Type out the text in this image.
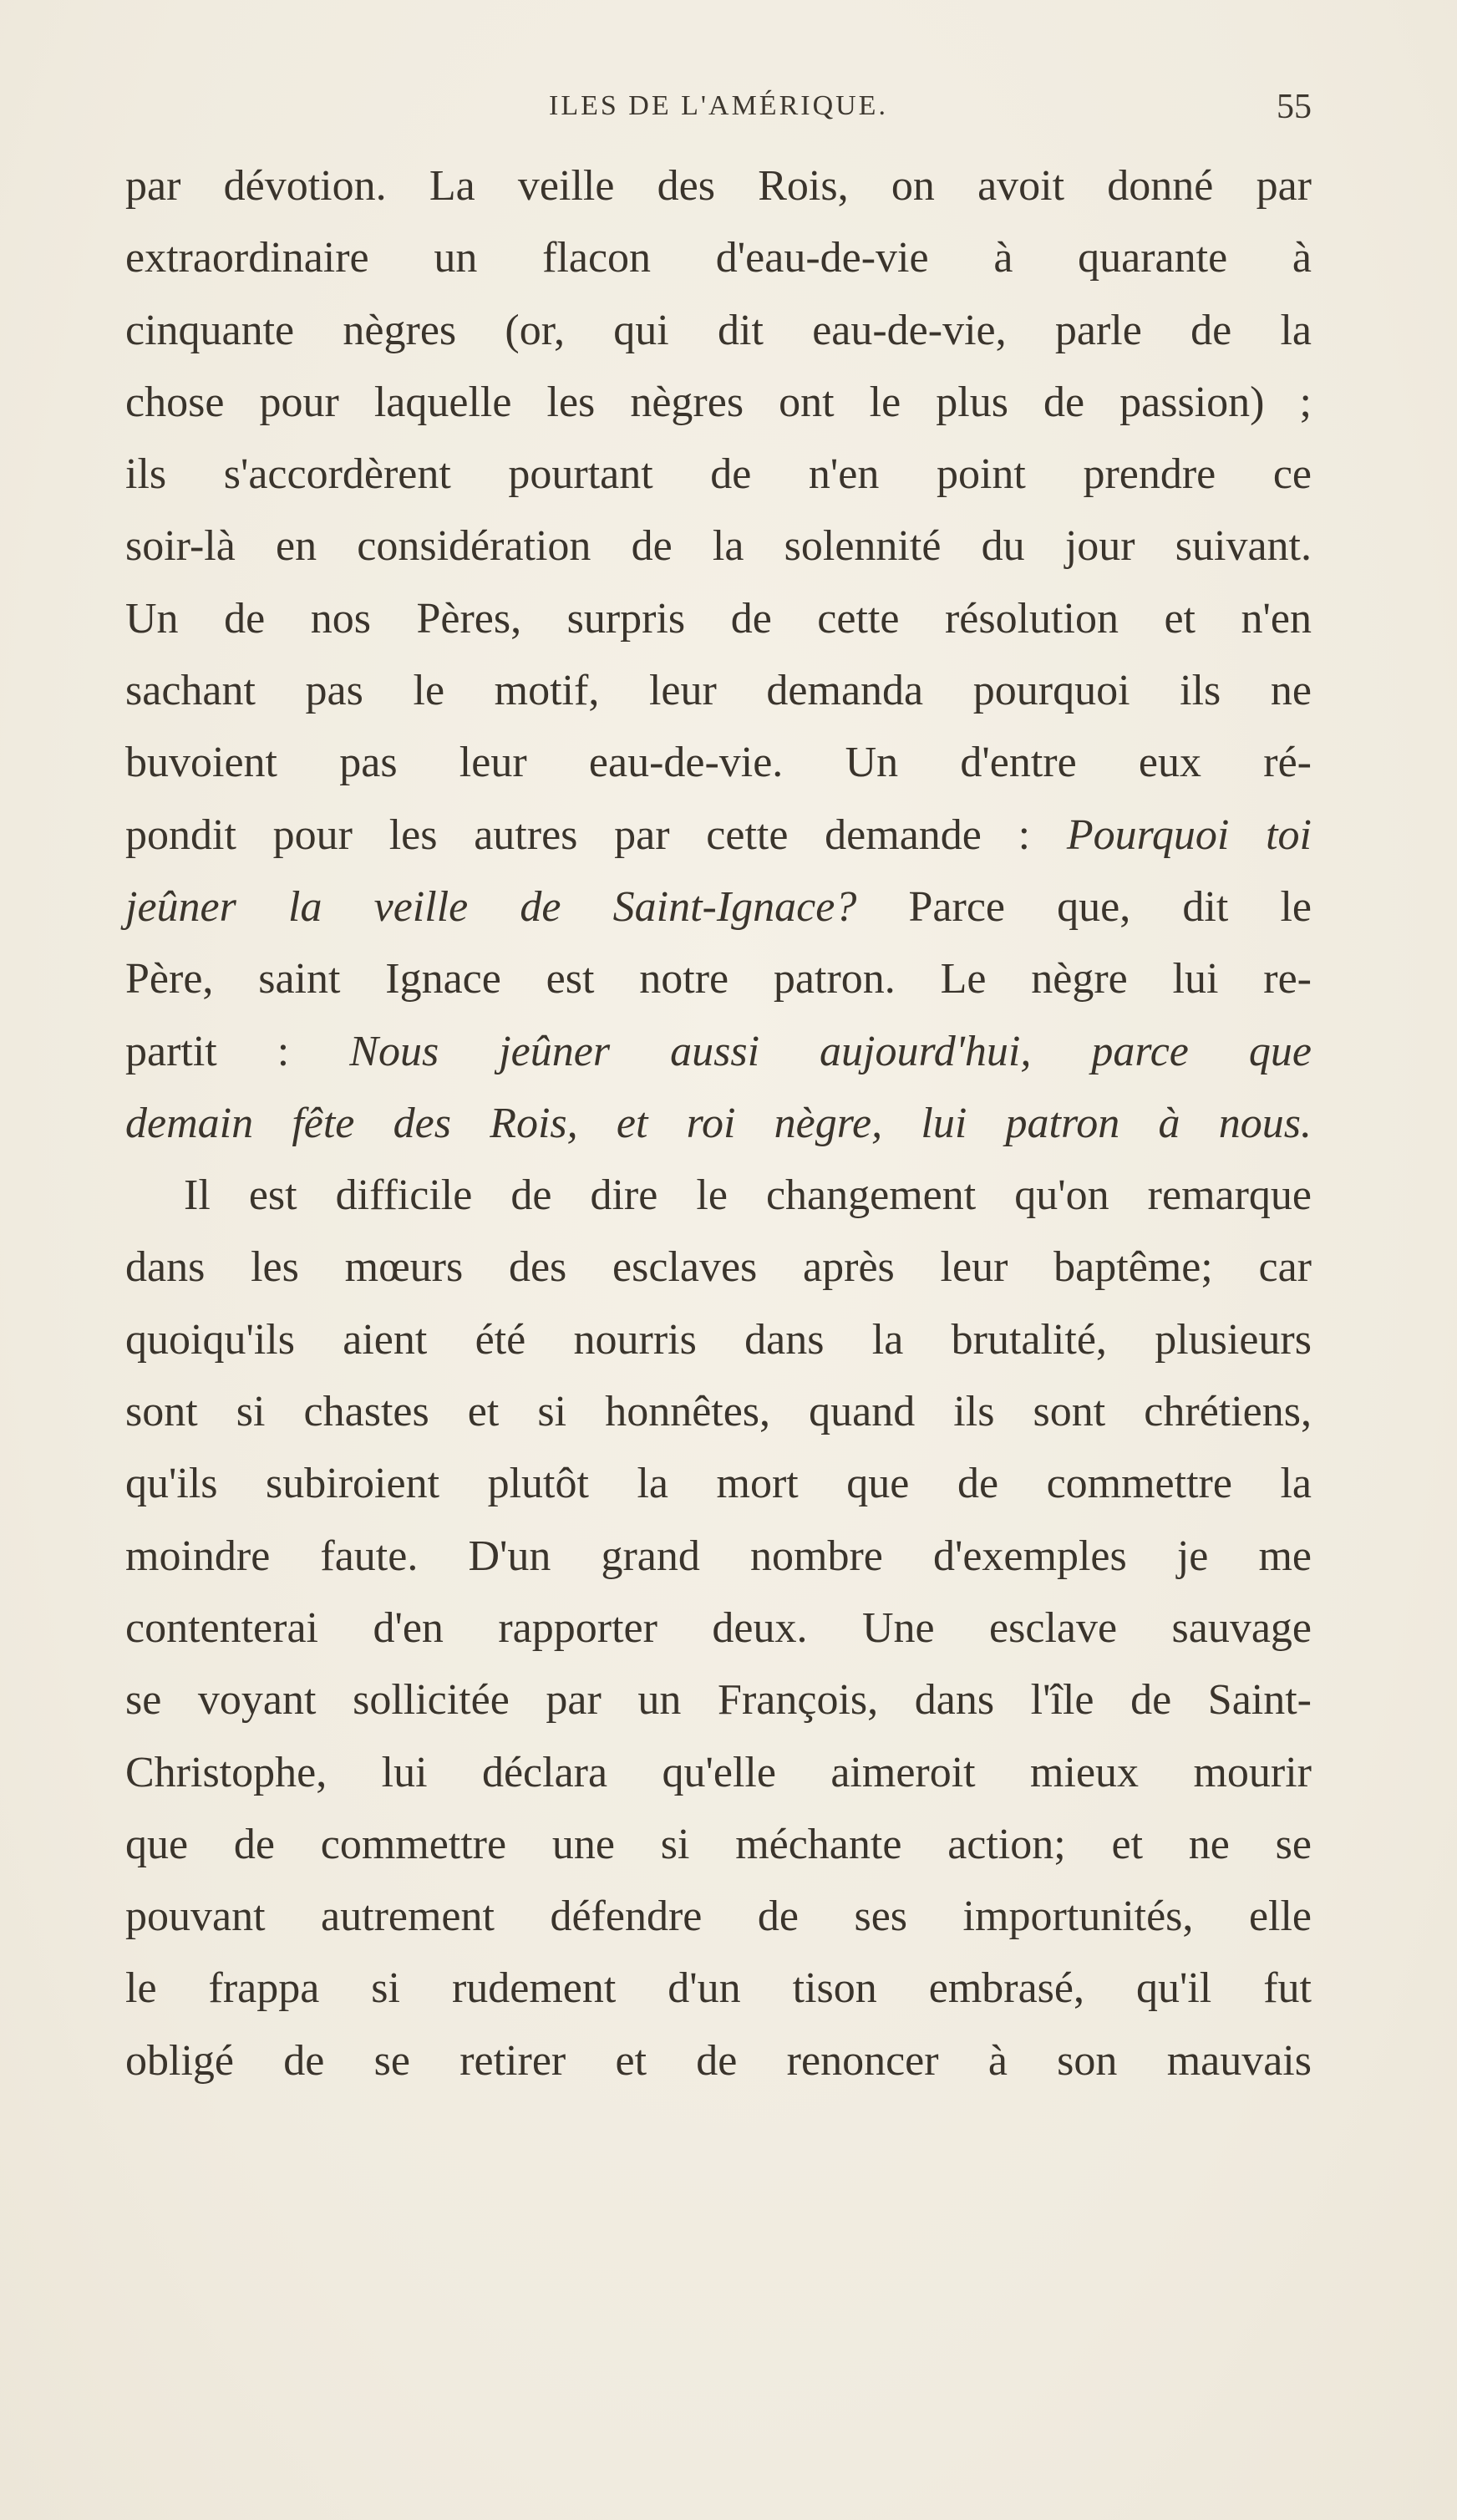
ILES DE L'AMÉRIQUE.	55
par dévotion. La veille des Rois, on avoit donné par
extraordinaire un flacon d'eau-de-vie à quarante à
cinquante nègres (or, qui dit eau-de-vie, parle de la
chose pour laquelle les nègres ont le plus de passion) ;
ils s'accordèrent pourtant de n'en point prendre ce
soir-là en considération de la solennité du jour suivant.
Un de nos Pères, surpris de cette résolution et n'en
sachant pas le motif, leur demanda pourquoi ils ne
buvoient pas leur eau-de-vie. Un d'entre eux ré-
pondit pour les autres par cette demande : Pourquoi toi
jeûner la veille de Saint-Ignace? Parce que, dit le
Père, saint Ignace est notre patron. Le nègre lui re-
partit : Nous jeûner aussi aujourd'hui, parce que
demain fête des Rois, et roi nègre, lui patron à nous.
Il est difficile de dire le changement qu'on remarque
dans les mœurs des esclaves après leur baptême; car
quoiqu'ils aient été nourris dans la brutalité, plusieurs
sont si chastes et si honnêtes, quand ils sont chrétiens,
qu'ils subiroient plutôt la mort que de commettre la
moindre faute. D'un grand nombre d'exemples je me
contenterai d'en rapporter deux. Une esclave sauvage
se voyant sollicitée par un François, dans l'île de Saint-
Christophe, lui déclara qu'elle aimeroit mieux mourir
que de commettre une si méchante action; et ne se
pouvant autrement défendre de ses importunités, elle
le frappa si rudement d'un tison embrasé, qu'il fut
obligé de se retirer et de renoncer à son mauvais
